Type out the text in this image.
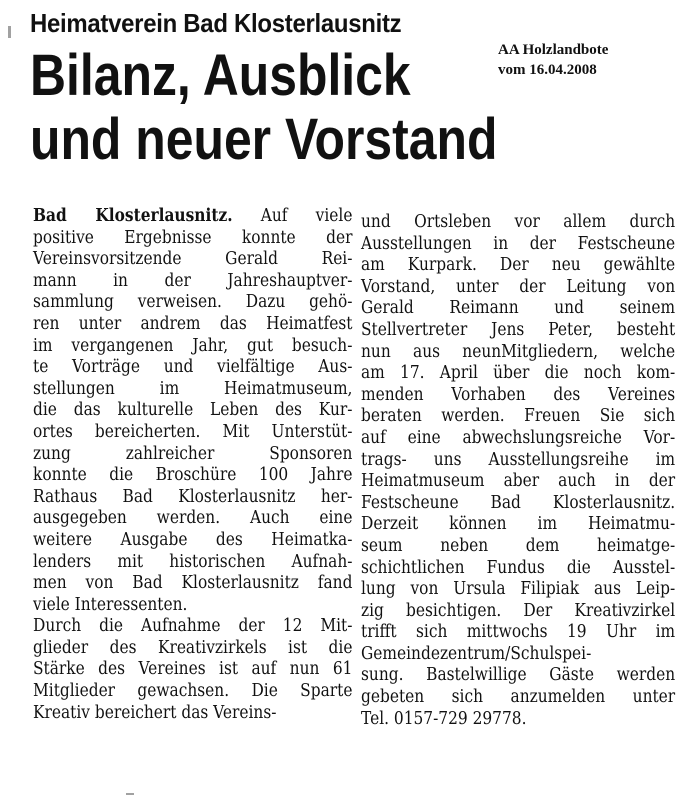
Heimatverein Bad Klosterlausnitz
Bilanz, Ausblick
und neuer Vorstand
AA Holzlandbote
vom 16.04.2008
Bad Klosterlausnitz. Auf viele
positive Ergebnisse konnte der
Vereinsvorsitzende Gerald Rei-
mann in der Jahreshauptver-
sammlung verweisen. Dazu gehö-
ren unter andrem das Heimatfest
im vergangenen Jahr, gut besuch-
te Vorträge und vielfältige Aus-
stellungen im Heimatmuseum,
die das kulturelle Leben des Kur-
ortes bereicherten. Mit Unterstüt-
zung zahlreicher Sponsoren
konnte die Broschüre 100 Jahre
Rathaus Bad Klosterlausnitz her-
ausgegeben werden. Auch eine
weitere Ausgabe des Heimatka-
lenders mit historischen Aufnah-
men von Bad Klosterlausnitz fand
viele Interessenten.
Durch die Aufnahme der 12 Mit-
glieder des Kreativzirkels ist die
Stärke des Vereines ist auf nun 61
Mitglieder gewachsen. Die Sparte
Kreativ bereichert das Vereins-
und Ortsleben vor allem durch
Ausstellungen in der Festscheune
am Kurpark. Der neu gewählte
Vorstand, unter der Leitung von
Gerald Reimann und seinem
Stellvertreter Jens Peter, besteht
nun aus neunMitgliedern, welche
am 17. April über die noch kom-
menden Vorhaben des Vereines
beraten werden. Freuen Sie sich
auf eine abwechslungsreiche Vor-
trags- uns Ausstellungsreihe im
Heimatmuseum aber auch in der
Festscheune Bad Klosterlausnitz.
Derzeit können im Heimatmu-
seum neben dem heimatge-
schichtlichen Fundus die Ausstel-
lung von Ursula Filipiak aus Leip-
zig besichtigen. Der Kreativzirkel
trifft sich mittwochs 19 Uhr im
Gemeindezentrum/Schulspei-
sung. Bastelwillige Gäste werden
gebeten sich anzumelden unter
Tel. 0157-729 29778.
